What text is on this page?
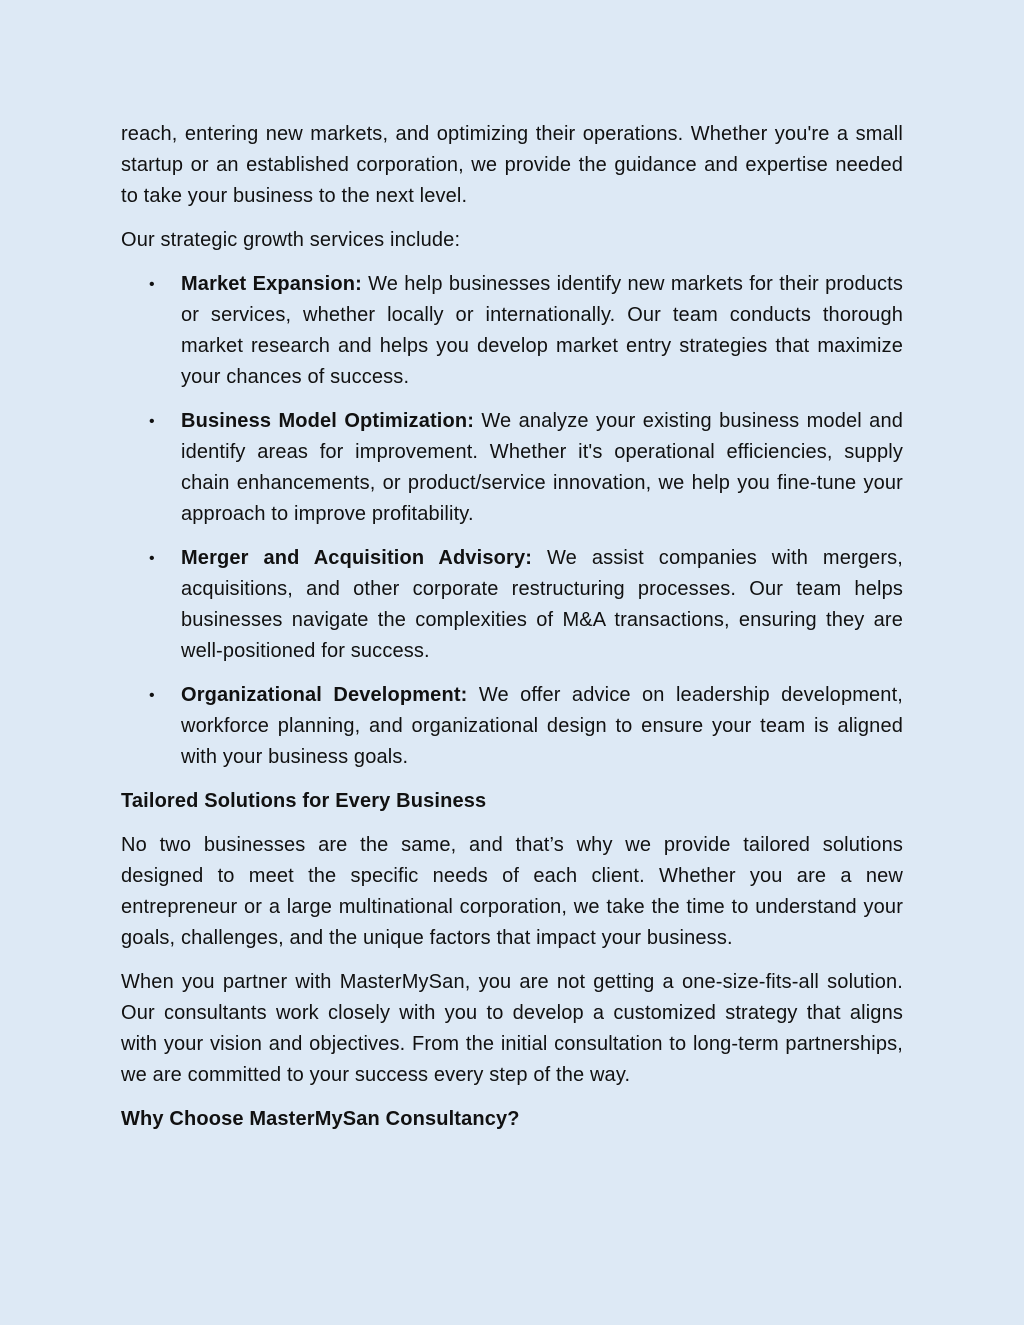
reach, entering new markets, and optimizing their operations. Whether you're a small startup or an established corporation, we provide the guidance and expertise needed to take your business to the next level.

Our strategic growth services include:

• Market Expansion: We help businesses identify new markets for their products or services, whether locally or internationally. Our team conducts thorough market research and helps you develop market entry strategies that maximize your chances of success.
• Business Model Optimization: We analyze your existing business model and identify areas for improvement. Whether it's operational efficiencies, supply chain enhancements, or product/service innovation, we help you fine-tune your approach to improve profitability.
• Merger and Acquisition Advisory: We assist companies with mergers, acquisitions, and other corporate restructuring processes. Our team helps businesses navigate the complexities of M&A transactions, ensuring they are well-positioned for success.
• Organizational Development: We offer advice on leadership development, workforce planning, and organizational design to ensure your team is aligned with your business goals.
Tailored Solutions for Every Business

No two businesses are the same, and that’s why we provide tailored solutions designed to meet the specific needs of each client. Whether you are a new entrepreneur or a large multinational corporation, we take the time to understand your goals, challenges, and the unique factors that impact your business.

When you partner with MasterMySan, you are not getting a one-size-fits-all solution. Our consultants work closely with you to develop a customized strategy that aligns with your vision and objectives. From the initial consultation to long-term partnerships, we are committed to your success every step of the way.

Why Choose MasterMySan Consultancy?
